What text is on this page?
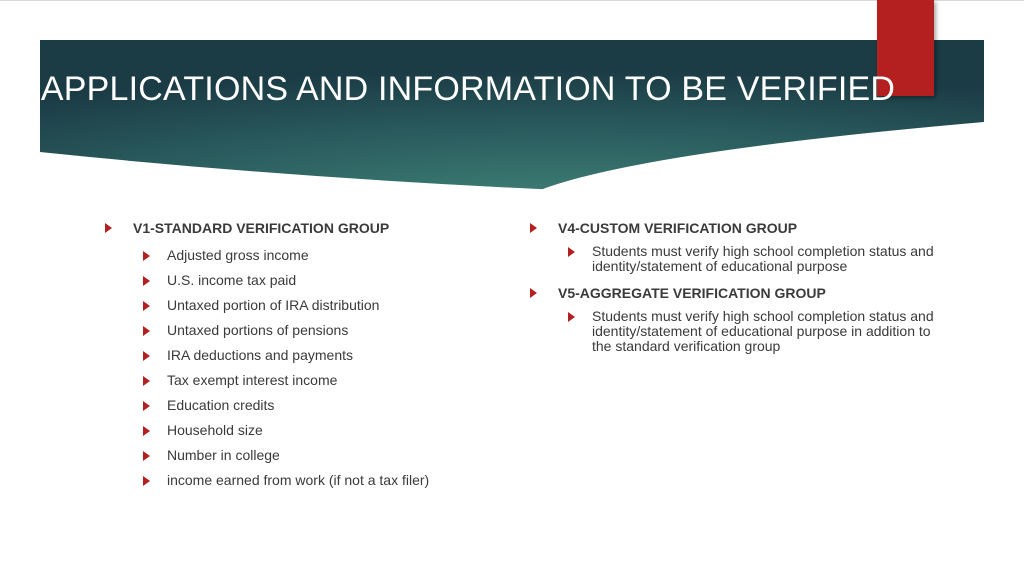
APPLICATIONS AND INFORMATION TO BE VERIFIED
V1-STANDARD VERIFICATION GROUP
Adjusted gross income
U.S. income tax paid
Untaxed portion of IRA distribution
Untaxed portions of pensions
IRA deductions and payments
Tax exempt interest income
Education credits
Household size
Number in college
income earned from work (if not a tax filer)
V4-CUSTOM VERIFICATION GROUP
Students must verify high school completion status and identity/statement of educational purpose
V5-AGGREGATE VERIFICATION GROUP
Students must verify high school completion status and identity/statement of educational purpose in addition to the standard verification group
